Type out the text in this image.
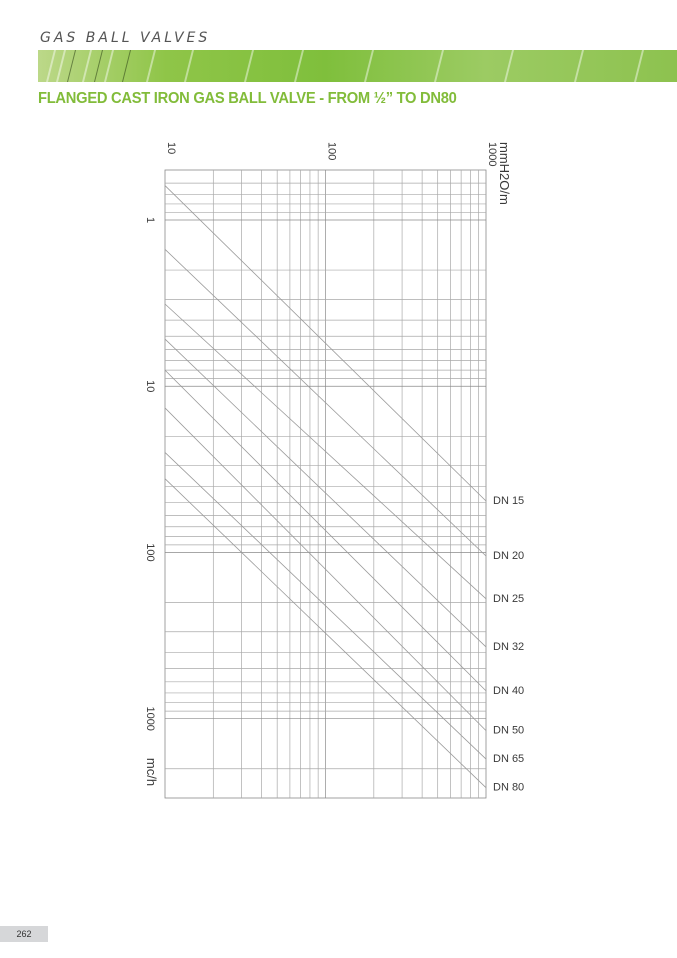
GAS BALL VALVES
FLANGED CAST IRON GAS BALL VALVE - FROM ½” TO DN80
DN 15
DN 20
DN 25
DN 32
DN 40
DN 50
DN 65
DN 80
10	100	1000 mmH2O/m
1
10
100
1000
mc/h
262
